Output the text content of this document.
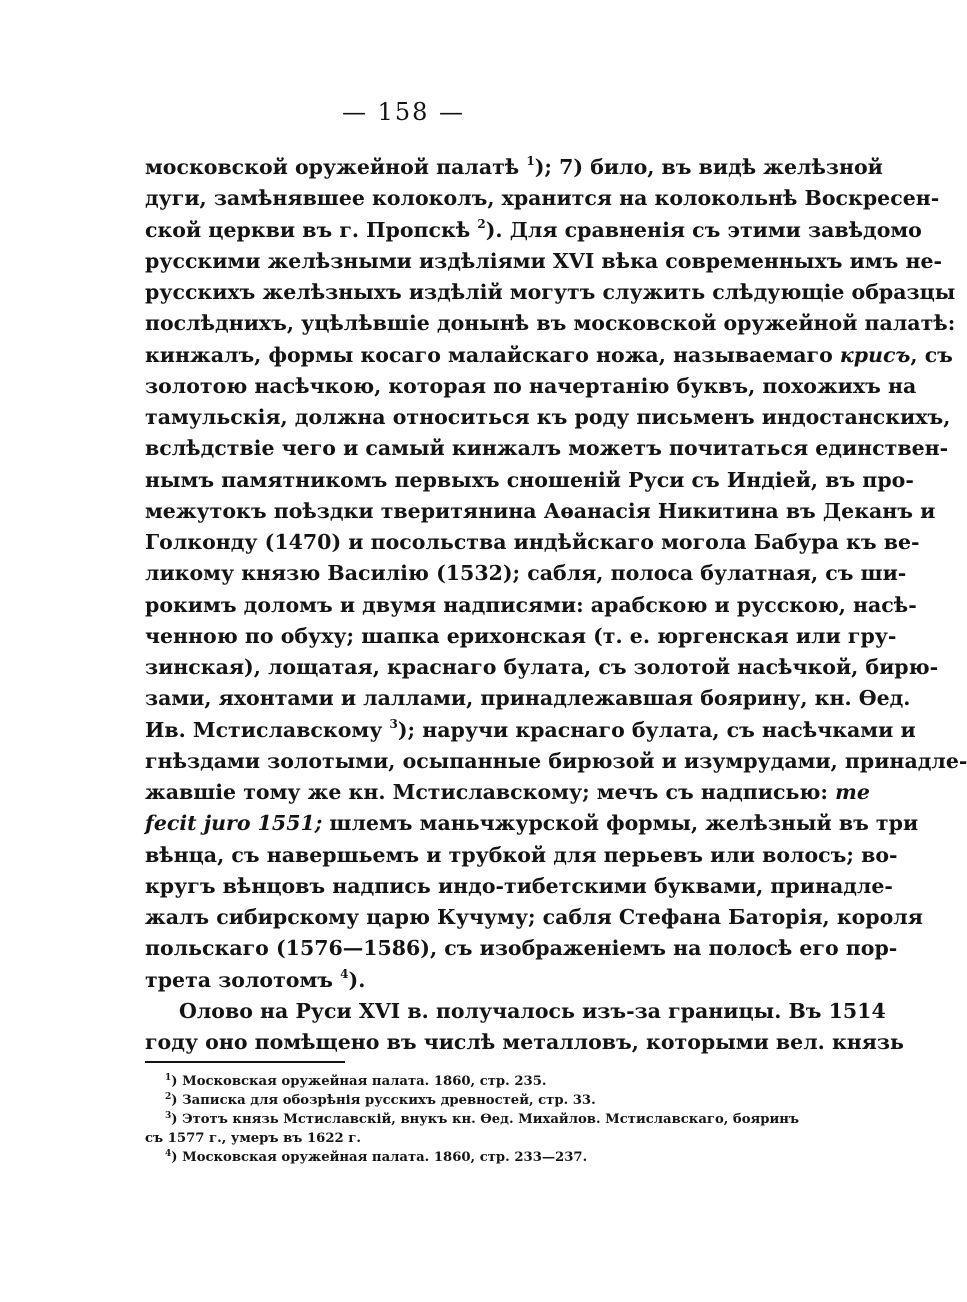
— 158 —
московской оружейной палатѣ $^1$); 7) било, въ видѣ желѣзной
дуги, замѣнявшее колоколъ, хранится на колокольнѣ Воскресен-
ской церкви въ г. Пропскѣ $^2$). Для сравненія съ этими завѣдомо
русскими желѣзными издѣліями XVI вѣка современныхъ имъ не-
русскихъ желѣзныхъ издѣлій могутъ служить слѣдующіе образцы
послѣднихъ, уцѣлѣвшіе донынѣ въ московской оружейной палатѣ:
кинжалъ, формы косаго малайскаго ножа, называемаго крисъ, съ
золотою насѣчкою, которая по начертанію буквъ, похожихъ на
тамульскія, должна относиться къ роду письменъ индостанскихъ,
вслѣдствіе чего и самый кинжалъ можетъ почитаться единствен-
нымъ памятникомъ первыхъ сношеній Руси съ Индіей, въ про-
межутокъ поѣздки тверитянина Аѳанасія Никитина въ Деканъ и
Голконду (1470) и посольства индѣйскаго могола Бабура къ ве-
ликому князю Василію (1532); сабля, полоса булатная, съ ши-
рокимъ доломъ и двумя надписями: арабскою и русскою, насѣ-
ченною по обуху; шапка ерихонская (т. е. юргенская или гру-
зинская), лощатая, краснаго булата, съ золотой насѣчкой, бирю-
зами, яхонтами и лаллами, принадлежавшая боярину, кн. Ѳед.
Ив. Мстиславскому $^3$); наручи краснаго булата, съ насѣчками и
гнѣздами золотыми, осыпанные бирюзой и изумрудами, принадле-
жавшіе тому же кн. Мстиславскому; мечъ съ надписью: me
fecit juro 1551; шлемъ маньчжурской формы, желѣзный въ три
вѣнца, съ навершьемъ и трубкой для перьевъ или волосъ; во-
кругъ вѣнцовъ надпись индо-тибетскими буквами, принадле-
жалъ сибирскому царю Кучуму; сабля Стефана Баторія, короля
польскаго (1576—1586), съ изображеніемъ на полосѣ его пор-
трета золотомъ $^4$).
Олово на Руси XVI в. получалось изъ-за границы. Въ 1514
году оно помѣщено въ числѣ металловъ, которыми вел. князь
$^1$) Московская оружейная палата. 1860, стр. 235.
$^2$) Записка для обозрѣнія русскихъ древностей, стр. 33.
$^3$) Этотъ князь Мстиславскій, внукъ кн. Ѳед. Михайлов. Мстиславскаго, бояринъ
съ 1577 г., умеръ въ 1622 г.
$^4$) Московская оружейная палата. 1860, стр. 233—237.
